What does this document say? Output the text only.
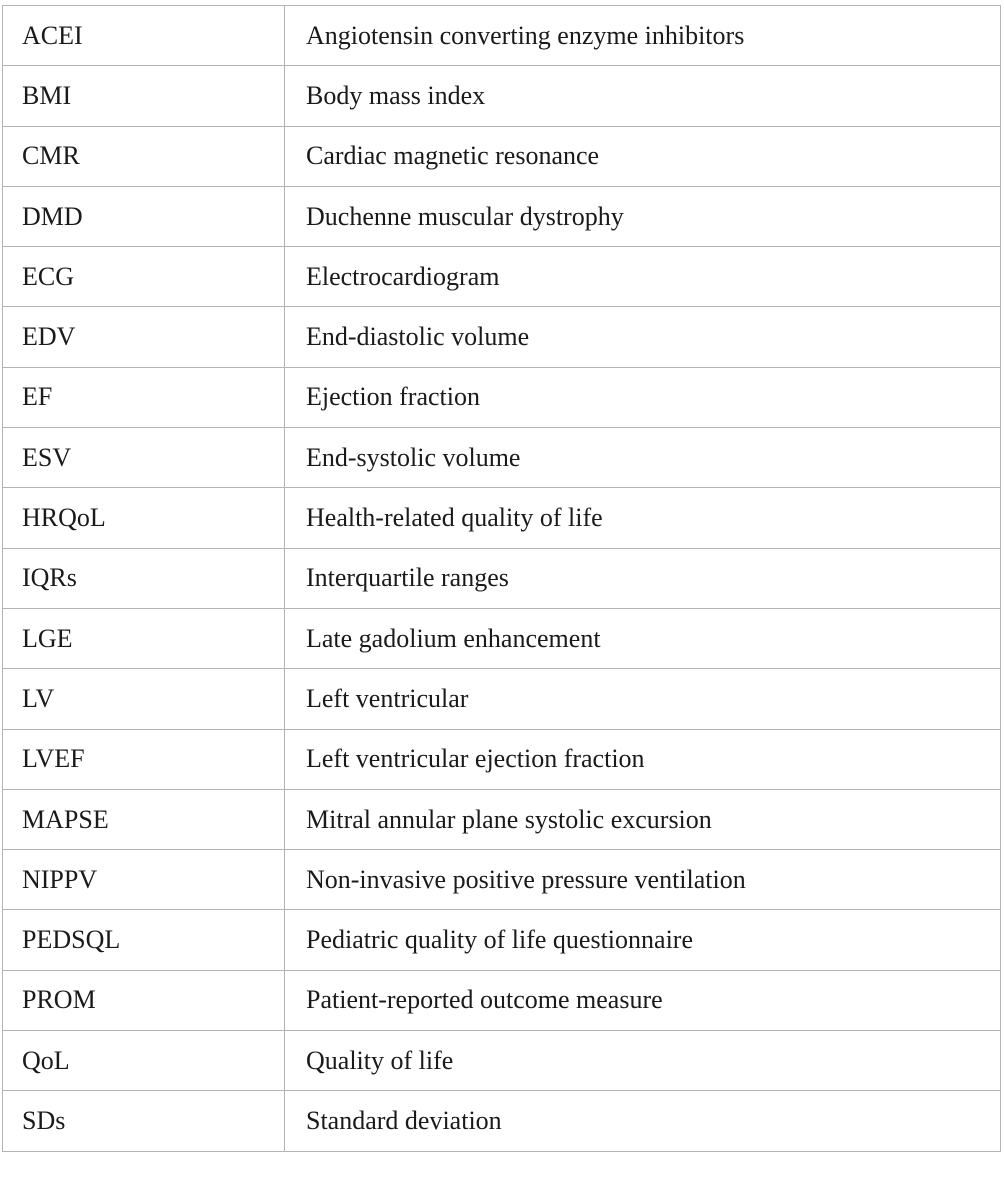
ACEI	Angiotensin converting enzyme inhibitors
BMI	Body mass index
CMR	Cardiac magnetic resonance
DMD	Duchenne muscular dystrophy
ECG	Electrocardiogram
EDV	End-diastolic volume
EF	Ejection fraction
ESV	End-systolic volume
HRQoL	Health-related quality of life
IQRs	Interquartile ranges
LGE	Late gadolium enhancement
LV	Left ventricular
LVEF	Left ventricular ejection fraction
MAPSE	Mitral annular plane systolic excursion
NIPPV	Non-invasive positive pressure ventilation
PEDSQL	Pediatric quality of life questionnaire
PROM	Patient-reported outcome measure
QoL	Quality of life
SDs	Standard deviation
